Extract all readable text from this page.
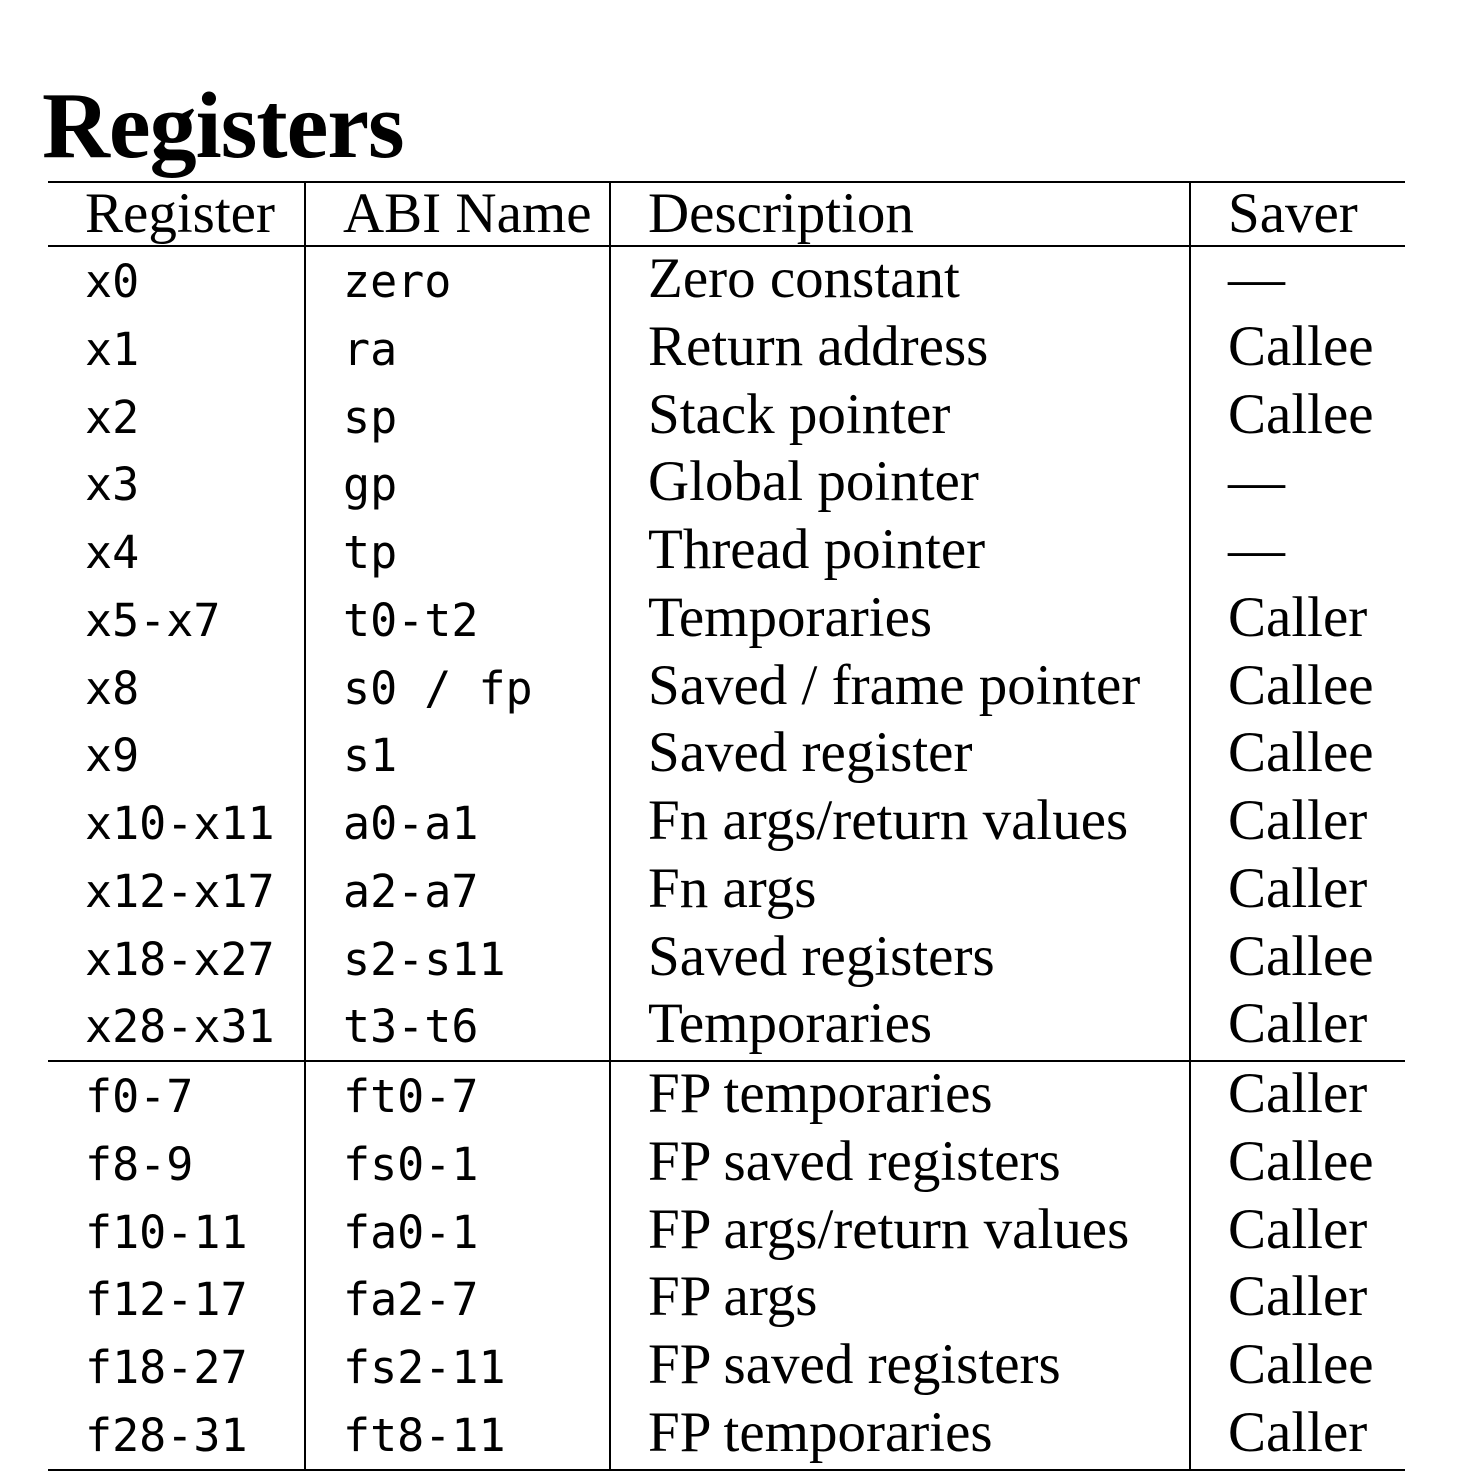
Registers
Register	ABI Name	Description	Saver
x0	zero	Zero constant	—
x1	ra	Return address	Callee
x2	sp	Stack pointer	Callee
x3	gp	Global pointer	—
x4	tp	Thread pointer	—
x5-x7	t0-t2	Temporaries	Caller
x8	s0 / fp	Saved / frame pointer	Callee
x9	s1	Saved register	Callee
x10-x11	a0-a1	Fn args/return values	Caller
x12-x17	a2-a7	Fn args	Caller
x18-x27	s2-s11	Saved registers	Callee
x28-x31	t3-t6	Temporaries	Caller
f0-7	ft0-7	FP temporaries	Caller
f8-9	fs0-1	FP saved registers	Callee
f10-11	fa0-1	FP args/return values	Caller
f12-17	fa2-7	FP args	Caller
f18-27	fs2-11	FP saved registers	Callee
f28-31	ft8-11	FP temporaries	Caller
